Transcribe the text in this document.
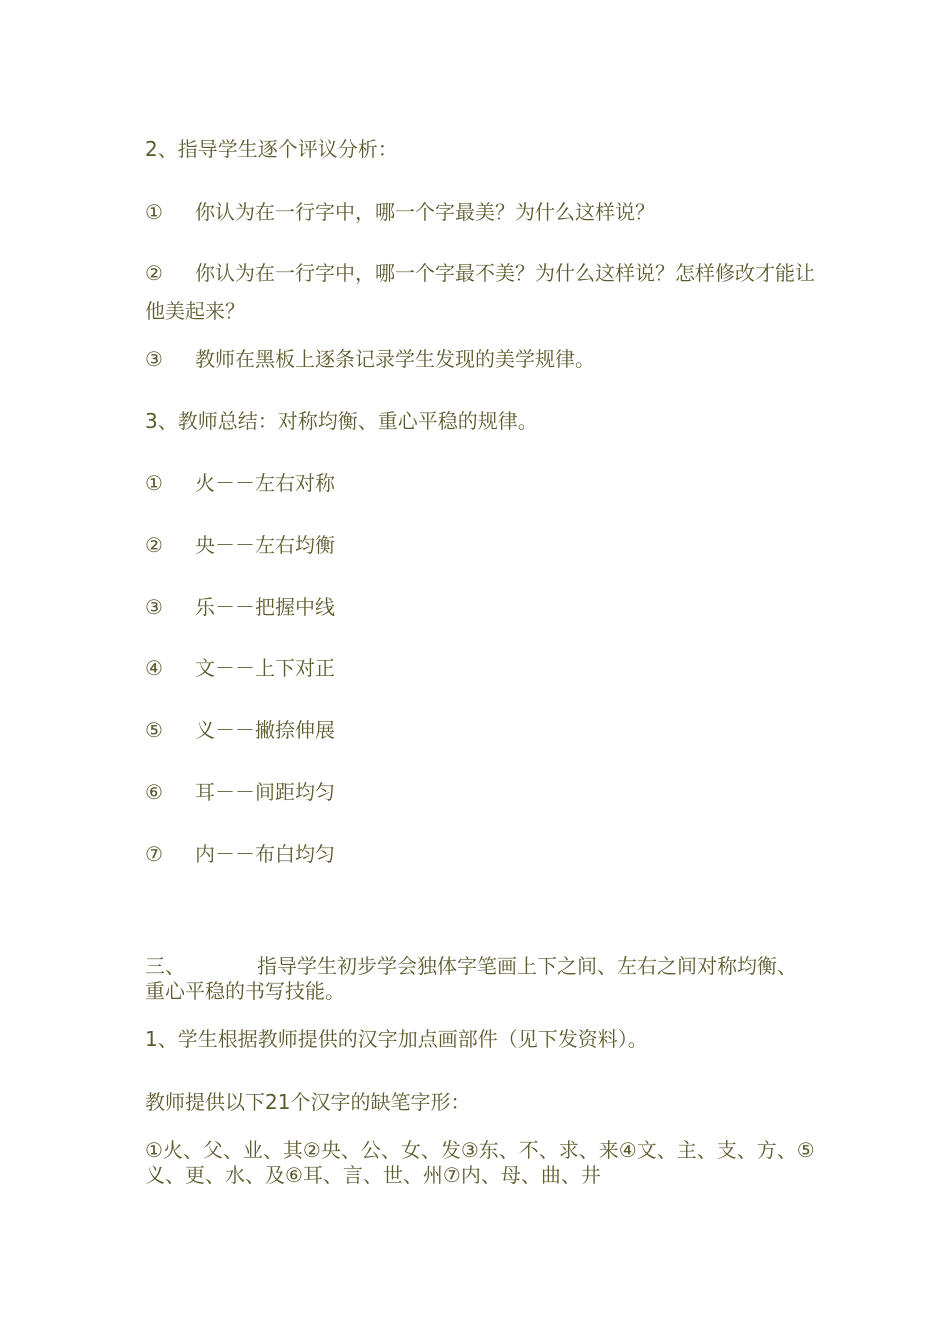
2、指导学生逐个评议分析：
① 你认为在一行字中，哪一个字最美？为什么这样说？
② 你认为在一行字中，哪一个字最不美？为什么这样说？怎样修改才能让他美起来？
③ 教师在黑板上逐条记录学生发现的美学规律。
3、教师总结：对称均衡、重心平稳的规律。
① 火－－左右对称
② 央－－左右均衡
③ 乐－－把握中线
④ 文－－上下对正
⑤ 义－－撇捺伸展
⑥ 耳－－间距均匀
⑦ 内－－布白均匀
三、	指导学生初步学会独体字笔画上下之间、左右之间对称均衡、重心平稳的书写技能。
1、学生根据教师提供的汉字加点画部件（见下发资料）。
教师提供以下21个汉字的缺笔字形：
①火、父、业、其②央、公、女、发③东、不、求、来④文、主、支、方、⑤义、更、水、及⑥耳、言、世、州⑦内、母、曲、井
